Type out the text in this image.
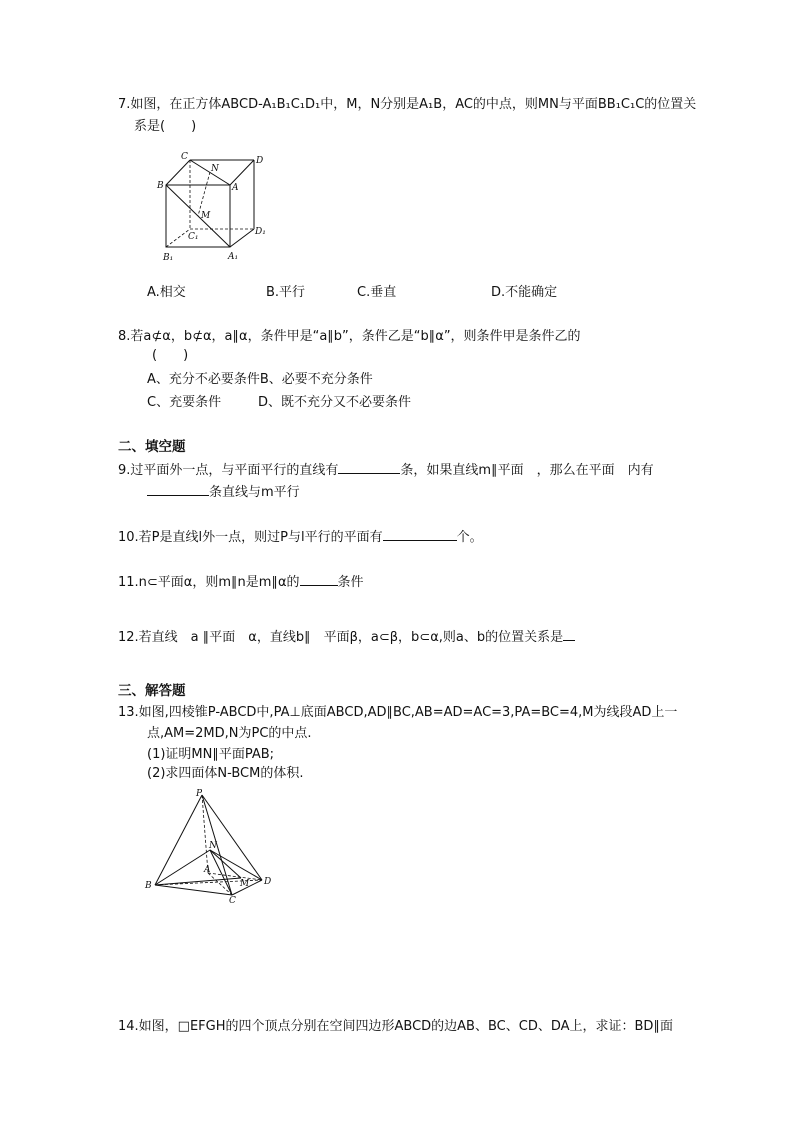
7.如图，在正方体ABCD-A₁B₁C₁D₁中，M，N分别是A₁B，AC的中点，则MN与平面BB₁C₁C的位置关
系是(　　)
C
N
D
B	A
M
C₁	D₁
B₁	A₁
A.相交	B.平行	C.垂直	D.不能确定
8.若a⊄α，b⊄α，a∥α，条件甲是“a∥b”，条件乙是“b∥α”，则条件甲是条件乙的
(　　)
A、充分不必要条件B、必要不充分条件
C、充要条件	D、既不充分又不必要条件
二、填空题
9.过平面外一点，与平面平行的直线有	条，如果直线m∥平面　，那么在平面　内有
条直线与m平行
10.若P是直线l外一点，则过P与l平行的平面有	个。
11.n⊂平面α，则m∥n是m∥α的	条件
12.若直线　a ∥平面　α，直线b∥　平面β，a⊂β，b⊂α,则a、b的位置关系是
三、解答题
13.如图,四棱锥P-ABCD中,PA⊥底面ABCD,AD∥BC,AB=AD=AC=3,PA=BC=4,M为线段AD上一
点,AM=2MD,N为PC的中点.
(1)证明MN∥平面PAB;
(2)求四面体N-BCM的体积.
P
N
A
B	M D
C
14.如图，□EFGH的四个顶点分别在空间四边形ABCD的边AB、BC、CD、DA上，求证：BD∥面
